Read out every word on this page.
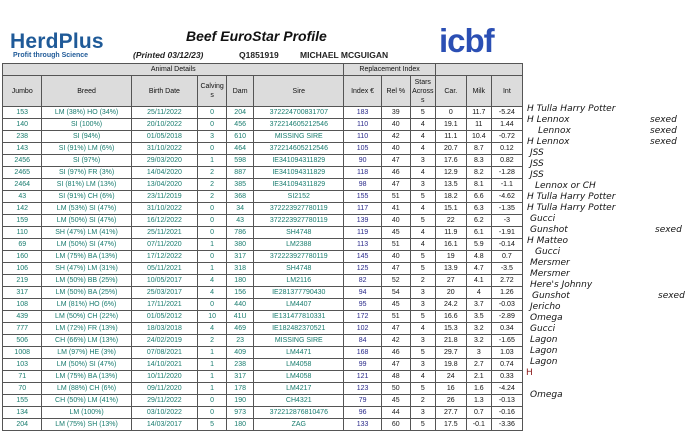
HerdPlus
Profit through Science
Beef EuroStar Profile
(Printed 03/12/23)	Q1851919	MICHAEL MCGUIGAN icbf
Animal Details						Replacement Index					
Jumbo	Breed	Birth Date	Calving s	Dam	Sire	Index €	Rel %	Stars Across s	Car.	Milk	Int
153	LM (38%) HO (34%)	25/11/2022	0	204	372224700831707	183	39	5	0	11.7	-5.24
140	SI (100%)	20/10/2022	0	456	372214605212546	110	40	4	19.1	11	1.44
238	SI (94%)	01/05/2018	3	610	MISSING SIRE	110	42	4	11.1	10.4	-0.72
143	SI (91%) LM (6%)	31/10/2022	0	464	372214605212546	105	40	4	20.7	8.7	0.12
2456	SI (97%)	29/03/2020	1	598	IE341094311829	90	47	3	17.6	8.3	0.82
2465	SI (97%) FR (3%)	14/04/2020	2	887	IE341094311829	118	46	4	12.9	8.2	-1.28
2464	SI (81%) LM (13%)	13/04/2020	2	385	IE341094311829	98	47	3	13.5	8.1	-1.1
43	SI (91%) CH (6%)	23/11/2019	2	368	SI2152	155	51	5	18.2	6.6	-4.62
142	LM (53%) SI (47%)	31/10/2022	0	34	372223927780119	117	41	4	15.1	6.3	-1.35
159	LM (50%) SI (47%)	16/12/2022	0	43	372223927780119	139	40	5	22	6.2	-3
110	SH (47%) LM (41%)	25/11/2021	0	786	SH4748	119	45	4	11.9	6.1	-1.91
69	LM (50%) SI (47%)	07/11/2020	1	380	LM2388	113	51	4	16.1	5.9	-0.14
160	LM (75%) BA (13%)	17/12/2022	0	317	372223927780119	145	40	5	19	4.8	0.7
106	SH (47%) LM (31%)	05/11/2021	1	318	SH4748	125	47	5	13.9	4.7	-3.5
219	LM (50%) BB (25%)	10/05/2017	4	180	LM2116	82	52	2	27	4.1	2.72
317	LM (50%) BA (25%)	25/03/2017	4	156	IE281377790430	94	54	3	20	4	1.26
108	LM (81%) HO (6%)	17/11/2021	0	440	LM4407	95	45	3	24.2	3.7	-0.03
439	LM (50%) CH (22%)	01/05/2012	10	41U	IE131477810331	172	51	5	16.6	3.5	-2.89
777	LM (72%) FR (13%)	18/03/2018	4	469	IE182482370521	102	47	4	15.3	3.2	0.34
506	CH (66%) LM (13%)	24/02/2019	2	23	MISSING SIRE	84	42	3	21.8	3.2	-1.65
1008	LM (97%) HE (3%)	07/08/2021	1	409	LM4471	168	46	5	29.7	3	1.03
103	LM (50%) SI (47%)	14/10/2021	1	238	LM4058	99	47	3	19.8	2.7	0.74
71	LM (75%) BA (13%)	10/11/2020	1	317	LM4058	121	48	4	24	2.1	0.33
70	LM (88%) CH (6%)	09/11/2020	1	178	LM4217	123	50	5	16	1.6	-4.24
155	CH (50%) LM (41%)	29/11/2022	0	190	CH4321	79	45	2	26	1.3	-0.13
134	LM (100%)	03/10/2022	0	973	372212876810476	96	44	3	27.7	0.7	-0.16
204	LM (75%) SH (13%)	14/03/2017	5	180	ZAG	133	60	5	17.5	-0.1	-3.36
H Tulla Harry Potter
H Lennox	sexed
Lennox	sexed
H Lennox	sexed
JSS
JSS
JSS
Lennox or CH
H Tulla Harry Potter
H Tulla Harry Potter
Gucci
Gunshot	sexed
H Matteo
Gucci
Mersmer
Mersmer
Here's Johnny
Gunshot	sexed
Jericho
Omega
Gucci
Lagon
Lagon
Lagon
H
Omega
